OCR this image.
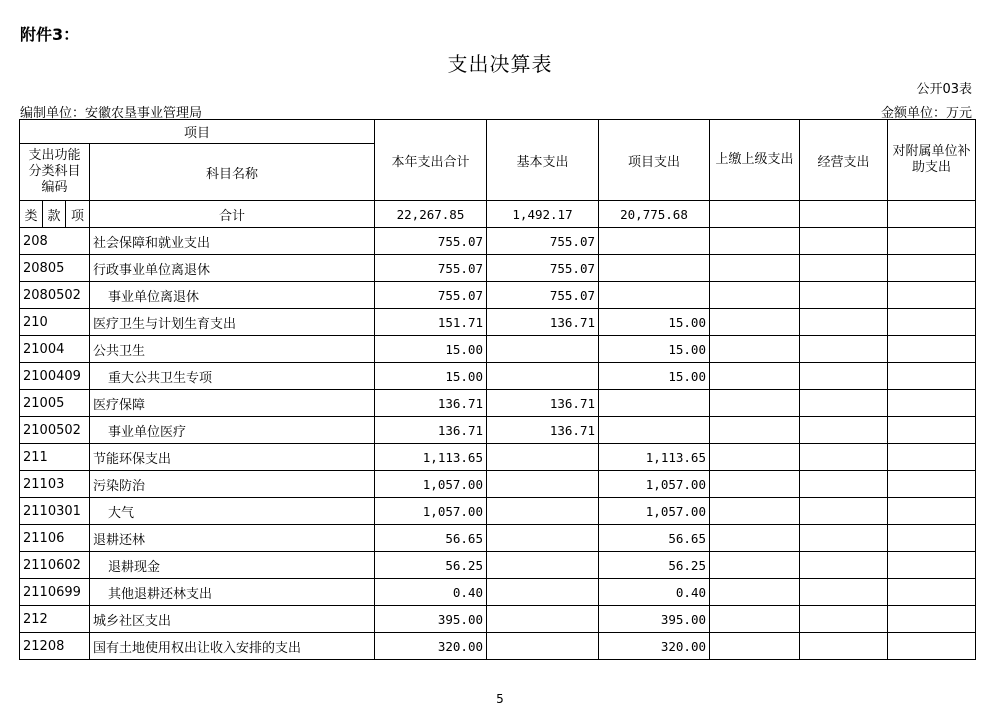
附件3：
支出决算表
公开03表
编制单位：安徽农垦事业管理局	金额单位：万元
项目				本年支出合计	基本支出	项目支出	上缴上级支出	经营支出	对附属单位补助支出
支出功能分类科目编码			科目名称						
类	款	项	合计	22,267.85	1,492.17	20,775.68			
208			社会保障和就业支出	755.07	755.07				
20805			行政事业单位离退休	755.07	755.07				
2080502			事业单位离退休	755.07	755.07				
210			医疗卫生与计划生育支出	151.71	136.71	15.00			
21004			公共卫生	15.00		15.00			
2100409			重大公共卫生专项	15.00		15.00			
21005			医疗保障	136.71	136.71				
2100502			事业单位医疗	136.71	136.71				
211			节能环保支出	1,113.65		1,113.65			
21103			污染防治	1,057.00		1,057.00			
2110301			大气	1,057.00		1,057.00			
21106			退耕还林	56.65		56.65			
2110602			退耕现金	56.25		56.25			
2110699			其他退耕还林支出	0.40		0.40			
212			城乡社区支出	395.00		395.00			
21208			国有土地使用权出让收入安排的支出	320.00		320.00			
5
